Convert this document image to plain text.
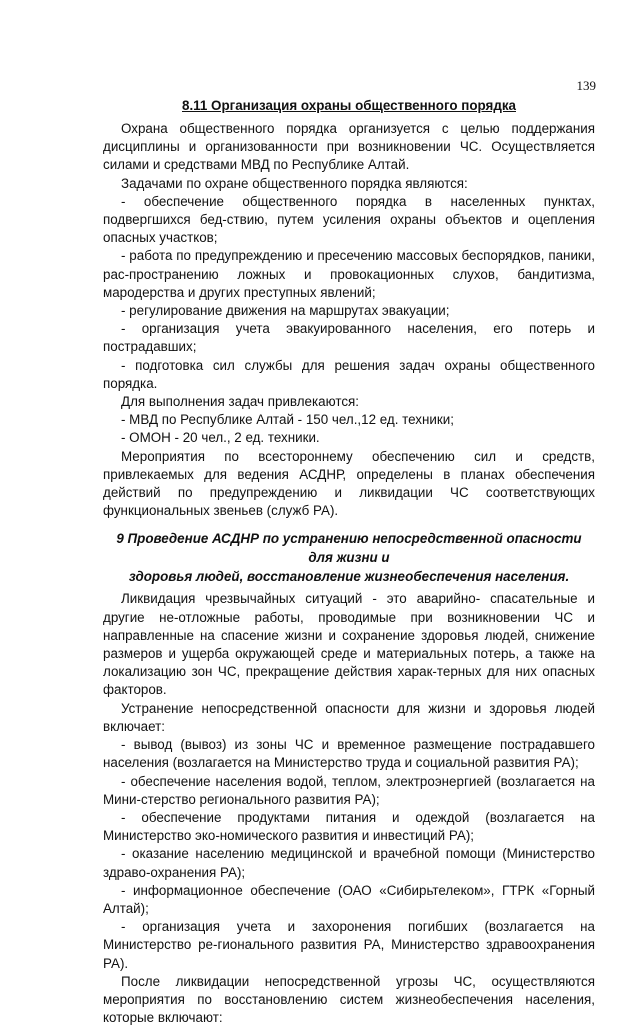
139
8.11 Организация охраны общественного порядка

Охрана общественного порядка организуется с целью поддержания дисциплины и организованности при возникновении ЧС. Осуществляется силами и средствами МВД по Республике Алтай.

Задачами по охране общественного порядка являются:

- обеспечение общественного порядка в населенных пунктах, подвергшихся бед-ствию, путем усиления охраны объектов и оцепления опасных участков;

- работа по предупреждению и пресечению массовых беспорядков, паники, рас-пространению ложных и провокационных слухов, бандитизма, мародерства и других преступных явлений;

- регулирование движения на маршрутах эвакуации;

- организация учета эвакуированного населения, его потерь и пострадавших;

- подготовка сил службы для решения задач охраны общественного порядка.

Для выполнения задач привлекаются:

- МВД по Республике Алтай - 150 чел.,12 ед. техники;

- ОМОН - 20 чел., 2 ед. техники.

Мероприятия по всестороннему обеспечению сил и средств, привлекаемых для ведения АСДНР, определены в планах обеспечения действий по предупреждению и ликвидации ЧС соответствующих функциональных звеньев (служб РА).

9 Проведение АСДНР по устранению непосредственной опасности для жизни и
здоровья людей, восстановление жизнеобеспечения населения.

Ликвидация чрезвычайных ситуаций - это аварийно- спасательные и другие не-отложные работы, проводимые при возникновении ЧС и направленные на спасение жизни и сохранение здоровья людей, снижение размеров и ущерба окружающей среде и материальных потерь, а также на локализацию зон ЧС, прекращение действия харак-терных для них опасных факторов.

Устранение непосредственной опасности для жизни и здоровья людей включает:

- вывод (вывоз) из зоны ЧС и временное размещение пострадавшего населения (возлагается на Министерство труда и социальной развития РА);

- обеспечение населения водой, теплом, электроэнергией (возлагается на Мини-стерство регионального развития РА);

- обеспечение продуктами питания и одеждой (возлагается на Министерство эко-номического развития и инвестиций РА);

- оказание населению медицинской и врачебной помощи (Министерство здраво-охранения РА);

- информационное обеспечение (ОАО «Сибирьтелеком», ГТРК «Горный Алтай);

- организация учета и захоронения погибших (возлагается на Министерство ре-гионального развития РА, Министерство здравоохранения РА).

После ликвидации непосредственной угрозы ЧС, осуществляются мероприятия по восстановлению систем жизнеобеспечения населения, которые включают:
